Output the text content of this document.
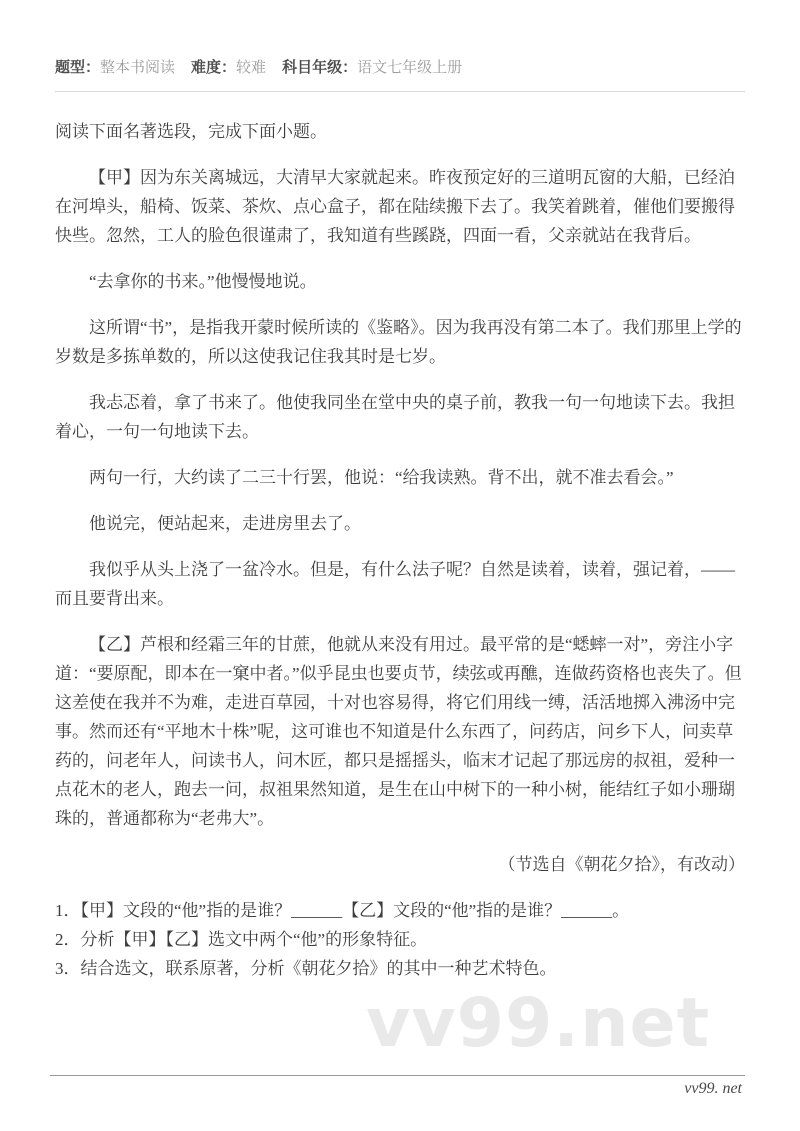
题型：整本书阅读 难度：较难 科目年级：语文七年级上册

阅读下面名著选段，完成下面小题。

【甲】因为东关离城远，大清早大家就起来。昨夜预定好的三道明瓦窗的大船，已经泊在河埠头，船椅、饭菜、茶炊、点心盒子，都在陆续搬下去了。我笑着跳着，催他们要搬得快些。忽然，工人的脸色很谨肃了，我知道有些蹊跷，四面一看，父亲就站在我背后。

“去拿你的书来。”他慢慢地说。

这所谓“书”，是指我开蒙时候所读的《鉴略》。因为我再没有第二本了。我们那里上学的岁数是多拣单数的，所以这使我记住我其时是七岁。

我忐忑着，拿了书来了。他使我同坐在堂中央的桌子前，教我一句一句地读下去。我担着心，一句一句地读下去。

两句一行，大约读了二三十行罢，他说：“给我读熟。背不出，就不准去看会。”

他说完，便站起来，走进房里去了。

我似乎从头上浇了一盆冷水。但是，有什么法子呢？自然是读着，读着，强记着，——而且要背出来。

【乙】芦根和经霜三年的甘蔗，他就从来没有用过。最平常的是“蟋蟀一对”，旁注小字道：“要原配，即本在一窠中者。”似乎昆虫也要贞节，续弦或再醮，连做药资格也丧失了。但这差使在我并不为难，走进百草园，十对也容易得，将它们用线一缚，活活地掷入沸汤中完事。然而还有“平地木十株”呢，这可谁也不知道是什么东西了，问药店，问乡下人，问卖草药的，问老年人，问读书人，问木匠，都只是摇摇头，临末才记起了那远房的叔祖，爱种一点花木的老人，跑去一问，叔祖果然知道，是生在山中树下的一种小树，能结红子如小珊瑚珠的，普通都称为“老弗大”。

（节选自《朝花夕拾》，有改动）

1．【甲】文段的“他”指的是谁？______【乙】文段的“他”指的是谁？______。
2．分析【甲】【乙】选文中两个“他”的形象特征。
3．结合选文，联系原著，分析《朝花夕拾》的其中一种艺术特色。
vv99.net
vv99. net
